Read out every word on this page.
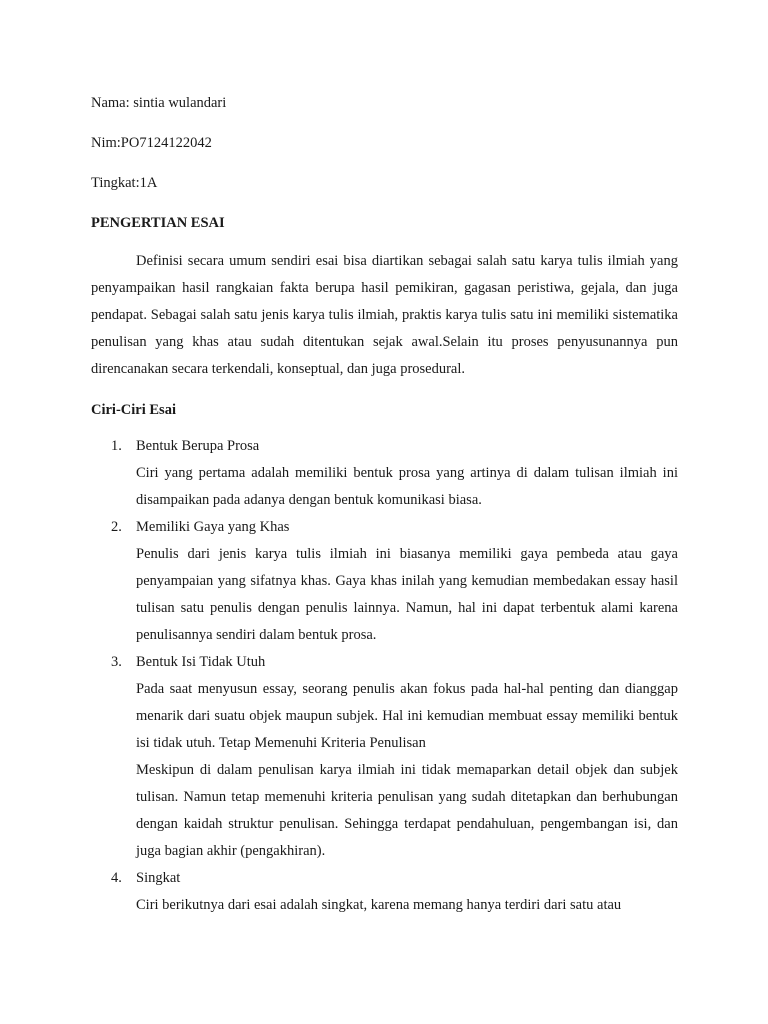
Nama: sintia wulandari
Nim:PO7124122042
Tingkat:1A
PENGERTIAN ESAI
Definisi secara umum sendiri esai bisa diartikan sebagai salah satu karya tulis ilmiah yang penyampaikan hasil rangkaian fakta berupa hasil pemikiran, gagasan peristiwa, gejala, dan juga pendapat. Sebagai salah satu jenis karya tulis ilmiah, praktis karya tulis satu ini memiliki sistematika penulisan yang khas atau sudah ditentukan sejak awal.Selain itu proses penyusunannya pun direncanakan secara terkendali, konseptual, dan juga prosedural.
Ciri-Ciri Esai
1. Bentuk Berupa Prosa
Ciri yang pertama adalah memiliki bentuk prosa yang artinya di dalam tulisan ilmiah ini disampaikan pada adanya dengan bentuk komunikasi biasa.
2. Memiliki Gaya yang Khas
Penulis dari jenis karya tulis ilmiah ini biasanya memiliki gaya pembeda atau gaya penyampaian yang sifatnya khas. Gaya khas inilah yang kemudian membedakan essay hasil tulisan satu penulis dengan penulis lainnya. Namun, hal ini dapat terbentuk alami karena penulisannya sendiri dalam bentuk prosa.
3. Bentuk Isi Tidak Utuh
Pada saat menyusun essay, seorang penulis akan fokus pada hal-hal penting dan dianggap menarik dari suatu objek maupun subjek. Hal ini kemudian membuat essay memiliki bentuk isi tidak utuh. Tetap Memenuhi Kriteria Penulisan
Meskipun di dalam penulisan karya ilmiah ini tidak memaparkan detail objek dan subjek tulisan. Namun tetap memenuhi kriteria penulisan yang sudah ditetapkan dan berhubungan dengan kaidah struktur penulisan. Sehingga terdapat pendahuluan, pengembangan isi, dan juga bagian akhir (pengakhiran).
4. Singkat
Ciri berikutnya dari esai adalah singkat, karena memang hanya terdiri dari satu atau
